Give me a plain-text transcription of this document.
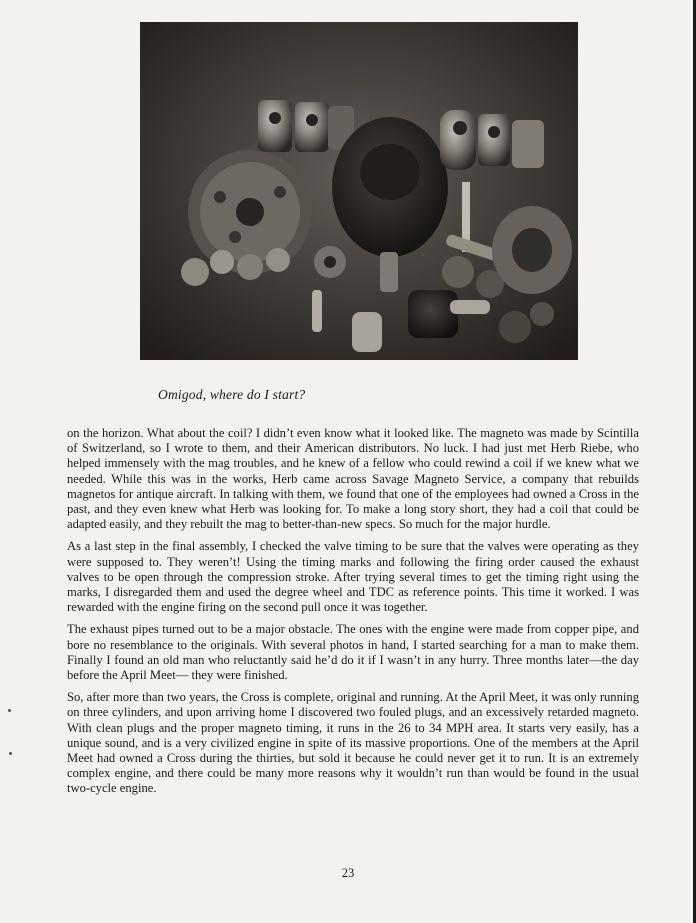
Omigod, where do I start?

on the horizon. What about the coil? I didn’t even know what it looked like. The magneto was made by Scintilla of Switzerland, so I wrote to them, and their American distributors. No luck. I had just met Herb Riebe, who helped immensely with the mag troubles, and he knew of a fellow who could rewind a coil if we knew what we needed. While this was in the works, Herb came across Savage Magneto Service, a company that rebuilds magnetos for antique aircraft. In talking with them, we found that one of the employees had owned a Cross in the past, and they even knew what Herb was looking for. To make a long story short, they had a coil that could be adapted easily, and they rebuilt the mag to better-than-new specs. So much for the major hurdle.

As a last step in the final assembly, I checked the valve timing to be sure that the valves were operating as they were supposed to. They weren’t! Using the timing marks and following the firing order caused the exhaust valves to be open through the compression stroke. After trying several times to get the timing right using the marks, I disregarded them and used the degree wheel and TDC as reference points. This time it worked. I was rewarded with the engine firing on the second pull once it was together.

The exhaust pipes turned out to be a major obstacle. The ones with the engine were made from copper pipe, and bore no resemblance to the originals. With several photos in hand, I started searching for a man to make them. Finally I found an old man who reluctantly said he’d do it if I wasn’t in any hurry. Three months later—the day before the April Meet— they were finished.

So, after more than two years, the Cross is complete, original and running. At the April Meet, it was only running on three cylinders, and upon arriving home I discovered two fouled plugs, and an excessively retarded magneto. With clean plugs and the proper magneto timing, it runs in the 26 to 34 MPH area. It starts very easily, has a unique sound, and is a very civilized engine in spite of its massive proportions. One of the members at the April Meet had owned a Cross during the thirties, but sold it because he could never get it to run. It is an extremely complex engine, and there could be many more reasons why it wouldn’t run than would be found in the usual two-cycle engine.

23
